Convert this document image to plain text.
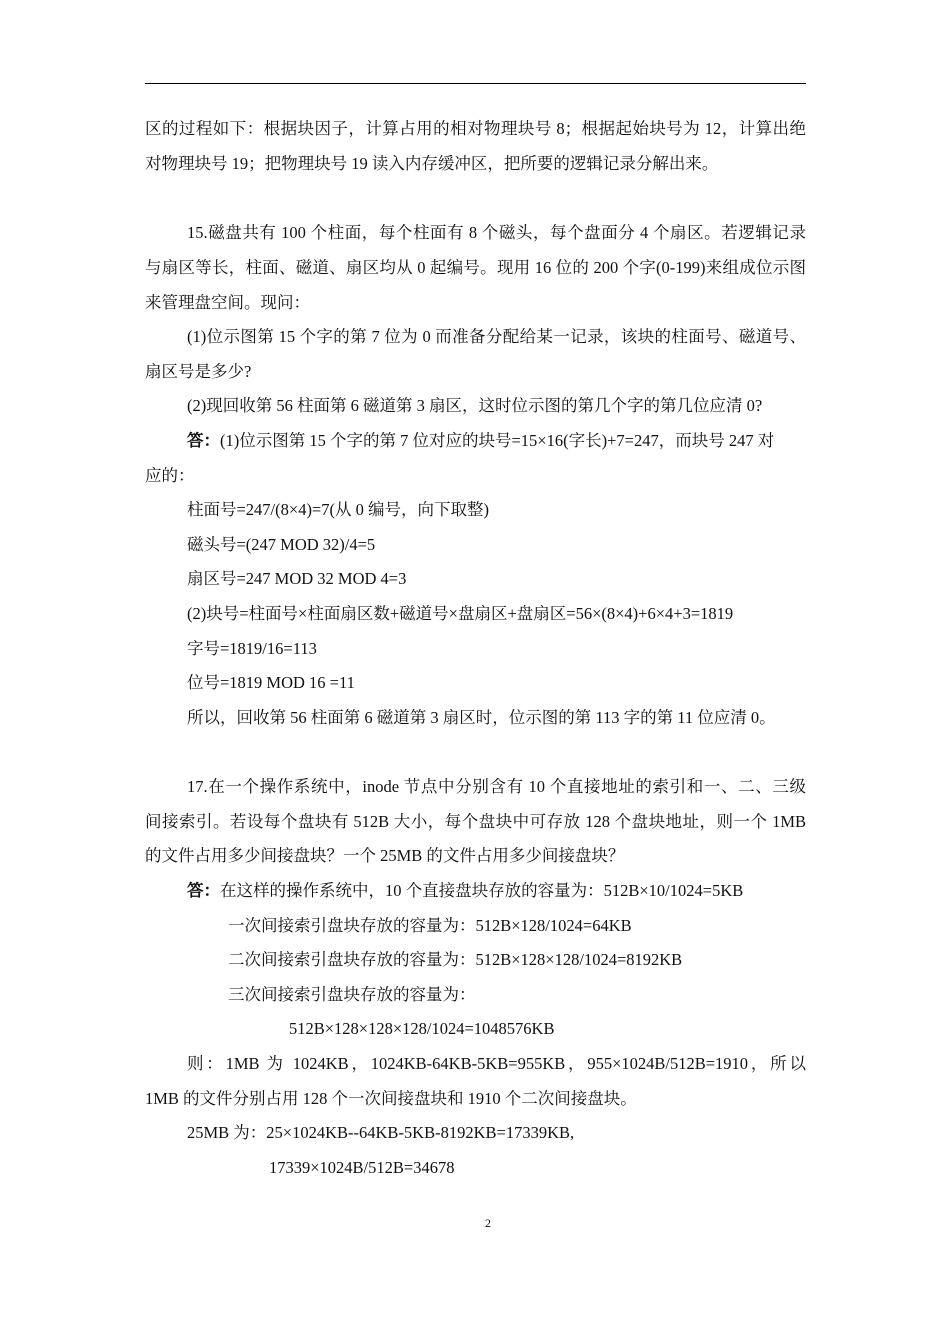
区的过程如下：根据块因子，计算占用的相对物理块号 8；根据起始块号为 12，计算出绝
对物理块号 19；把物理块号 19 读入内存缓冲区，把所要的逻辑记录分解出来。
15.磁盘共有 100 个柱面，每个柱面有 8 个磁头，每个盘面分 4 个扇区。若逻辑记录
与扇区等长，柱面、磁道、扇区均从 0 起编号。现用 16 位的 200 个字(0-199)来组成位示图
来管理盘空间。现问：
(1)位示图第 15 个字的第 7 位为 0 而准备分配给某一记录，该块的柱面号、磁道号、
扇区号是多少?
(2)现回收第 56 柱面第 6 磁道第 3 扇区，这时位示图的第几个字的第几位应清 0?
答：(1)位示图第 15 个字的第 7 位对应的块号=15×16(字长)+7=247，而块号 247 对
应的：
柱面号=247/(8×4)=7(从 0 编号，向下取整)
磁头号=(247 MOD 32)/4=5
扇区号=247 MOD 32 MOD 4=3
(2)块号=柱面号×柱面扇区数+磁道号×盘扇区+盘扇区=56×(8×4)+6×4+3=1819
字号=1819/16=113
位号=1819 MOD 16 =11
所以，回收第 56 柱面第 6 磁道第 3 扇区时，位示图的第 113 字的第 11 位应清 0。
17.在一个操作系统中，inode 节点中分别含有 10 个直接地址的索引和一、二、三级
间接索引。若设每个盘块有 512B 大小，每个盘块中可存放 128 个盘块地址，则一个 1MB
的文件占用多少间接盘块？一个 25MB 的文件占用多少间接盘块？
答：在这样的操作系统中，10 个直接盘块存放的容量为：512B×10/1024=5KB
一次间接索引盘块存放的容量为：512B×128/1024=64KB
二次间接索引盘块存放的容量为：512B×128×128/1024=8192KB
三次间接索引盘块存放的容量为：
512B×128×128×128/1024=1048576KB
则：1MB 为 1024KB，1024KB-64KB-5KB=955KB，955×1024B/512B=1910，所以
1MB 的文件分别占用 128 个一次间接盘块和 1910 个二次间接盘块。
25MB 为：25×1024KB--64KB-5KB-8192KB=17339KB,
17339×1024B/512B=34678
2
